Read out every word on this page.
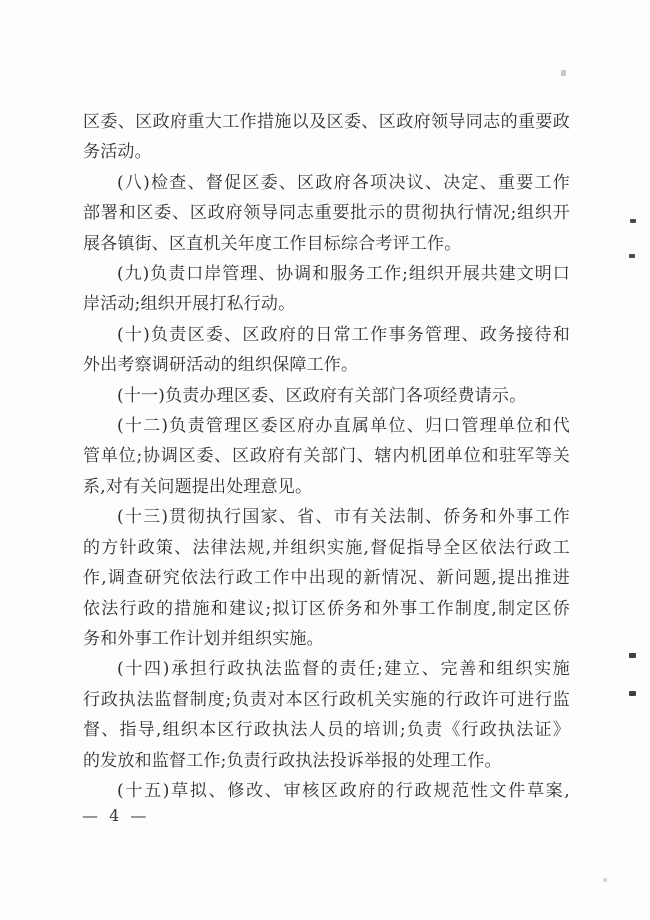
区委、区政府重大工作措施以及区委、区政府领导同志的重要政
务活动。
(八)检查、督促区委、区政府各项决议、决定、重要工作
部署和区委、区政府领导同志重要批示的贯彻执行情况;组织开
展各镇街、区直机关年度工作目标综合考评工作。
(九)负责口岸管理、协调和服务工作;组织开展共建文明口
岸活动;组织开展打私行动。
(十)负责区委、区政府的日常工作事务管理、政务接待和
外出考察调研活动的组织保障工作。
(十一)负责办理区委、区政府有关部门各项经费请示。
(十二)负责管理区委区府办直属单位、归口管理单位和代
管单位;协调区委、区政府有关部门、辖内机团单位和驻军等关
系,对有关问题提出处理意见。
(十三)贯彻执行国家、省、市有关法制、侨务和外事工作
的方针政策、法律法规,并组织实施,督促指导全区依法行政工
作,调查研究依法行政工作中出现的新情况、新问题,提出推进
依法行政的措施和建议;拟订区侨务和外事工作制度,制定区侨
务和外事工作计划并组织实施。
(十四)承担行政执法监督的责任;建立、完善和组织实施
行政执法监督制度;负责对本区行政机关实施的行政许可进行监
督、指导,组织本区行政执法人员的培训;负责《行政执法证》
的发放和监督工作;负责行政执法投诉举报的处理工作。
(十五)草拟、修改、审核区政府的行政规范性文件草案,
— 4 —
